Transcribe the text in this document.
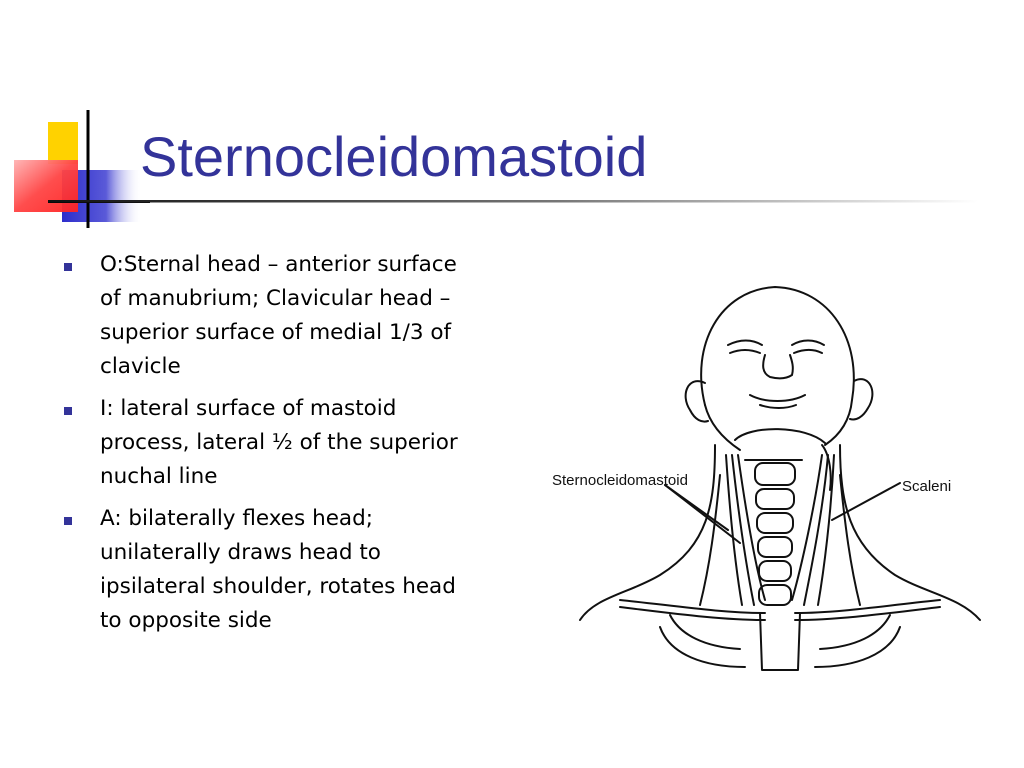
Sternocleidomastoid
O:Sternal head – anterior surface of manubrium; Clavicular head – superior surface of medial 1/3 of clavicle
I: lateral surface of mastoid process, lateral ½ of the superior nuchal line
A: bilaterally flexes head; unilaterally draws head to ipsilateral shoulder, rotates head to opposite side
Sternocleidomastoid	Scaleni
